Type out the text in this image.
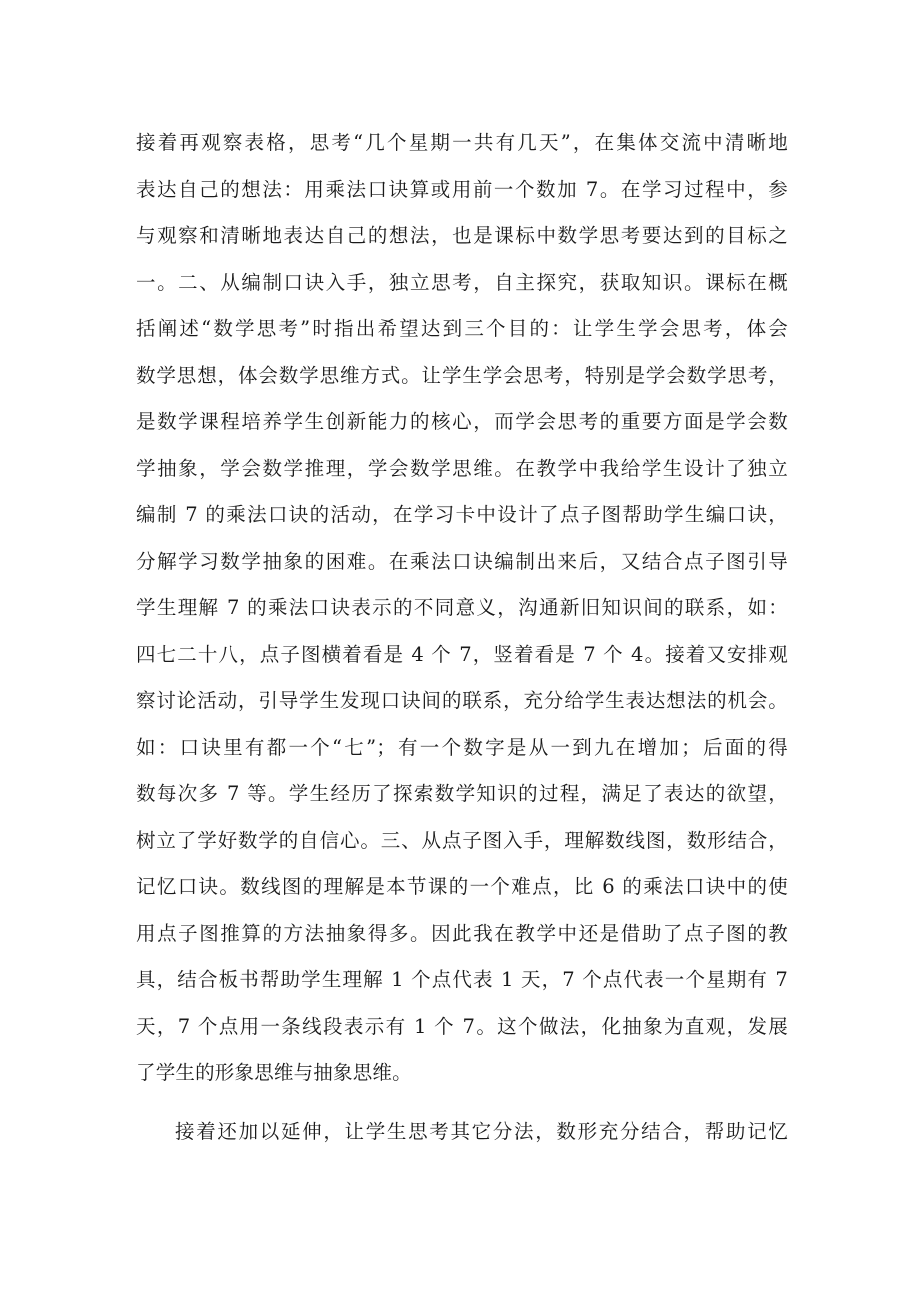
接着再观察表格，思考“几个星期一共有几天”，在集体交流中清晰地
表达自己的想法：用乘法口诀算或用前一个数加 7。在学习过程中，参
与观察和清晰地表达自己的想法，也是课标中数学思考要达到的目标之
一。二、从编制口诀入手，独立思考，自主探究，获取知识。课标在概
括阐述“数学思考”时指出希望达到三个目的：让学生学会思考，体会
数学思想，体会数学思维方式。让学生学会思考，特别是学会数学思考，
是数学课程培养学生创新能力的核心，而学会思考的重要方面是学会数
学抽象，学会数学推理，学会数学思维。在教学中我给学生设计了独立
编制 7 的乘法口诀的活动，在学习卡中设计了点子图帮助学生编口诀，
分解学习数学抽象的困难。在乘法口诀编制出来后，又结合点子图引导
学生理解 7 的乘法口诀表示的不同意义，沟通新旧知识间的联系，如：
四七二十八，点子图横着看是 4 个 7，竖着看是 7 个 4。接着又安排观
察讨论活动，引导学生发现口诀间的联系，充分给学生表达想法的机会。
如：口诀里有都一个“七”；有一个数字是从一到九在增加；后面的得
数每次多 7 等。学生经历了探索数学知识的过程，满足了表达的欲望，
树立了学好数学的自信心。三、从点子图入手，理解数线图，数形结合，
记忆口诀。数线图的理解是本节课的一个难点，比 6 的乘法口诀中的使
用点子图推算的方法抽象得多。因此我在教学中还是借助了点子图的教
具，结合板书帮助学生理解 1 个点代表 1 天，7 个点代表一个星期有 7
天，7 个点用一条线段表示有 1 个 7。这个做法，化抽象为直观，发展
了学生的形象思维与抽象思维。
接着还加以延伸，让学生思考其它分法，数形充分结合，帮助记忆
